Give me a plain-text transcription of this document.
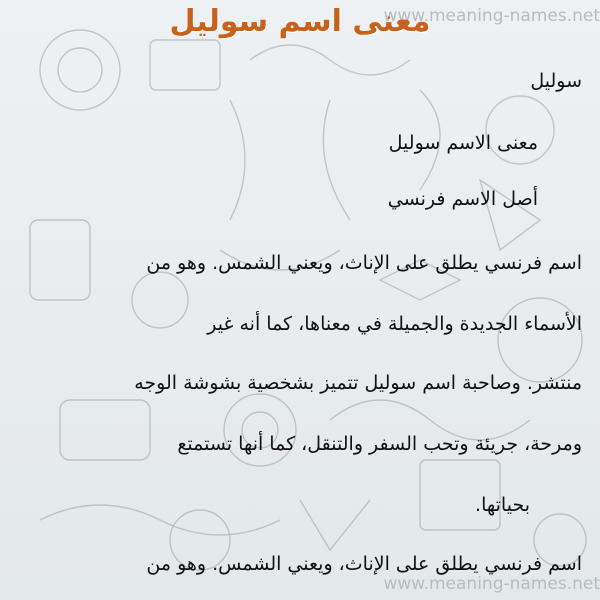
www.meaning-names.net
معنى اسم سوليل
سوليل
معنى الاسم سوليل
أصل الاسم فرنسي
اسم فرنسي يطلق على الإناث، ويعني الشمس. وهو من
الأسماء الجديدة والجميلة في معناها، كما أنه غير
منتشر. وصاحبة اسم سوليل تتميز بشخصية بشوشة الوجه
ومرحة، جريئة وتحب السفر والتنقل، كما أنها تستمتع
بحياتها.
اسم فرنسي يطلق على الإناث، ويعني الشمس. وهو من
www.meaning-names.net
